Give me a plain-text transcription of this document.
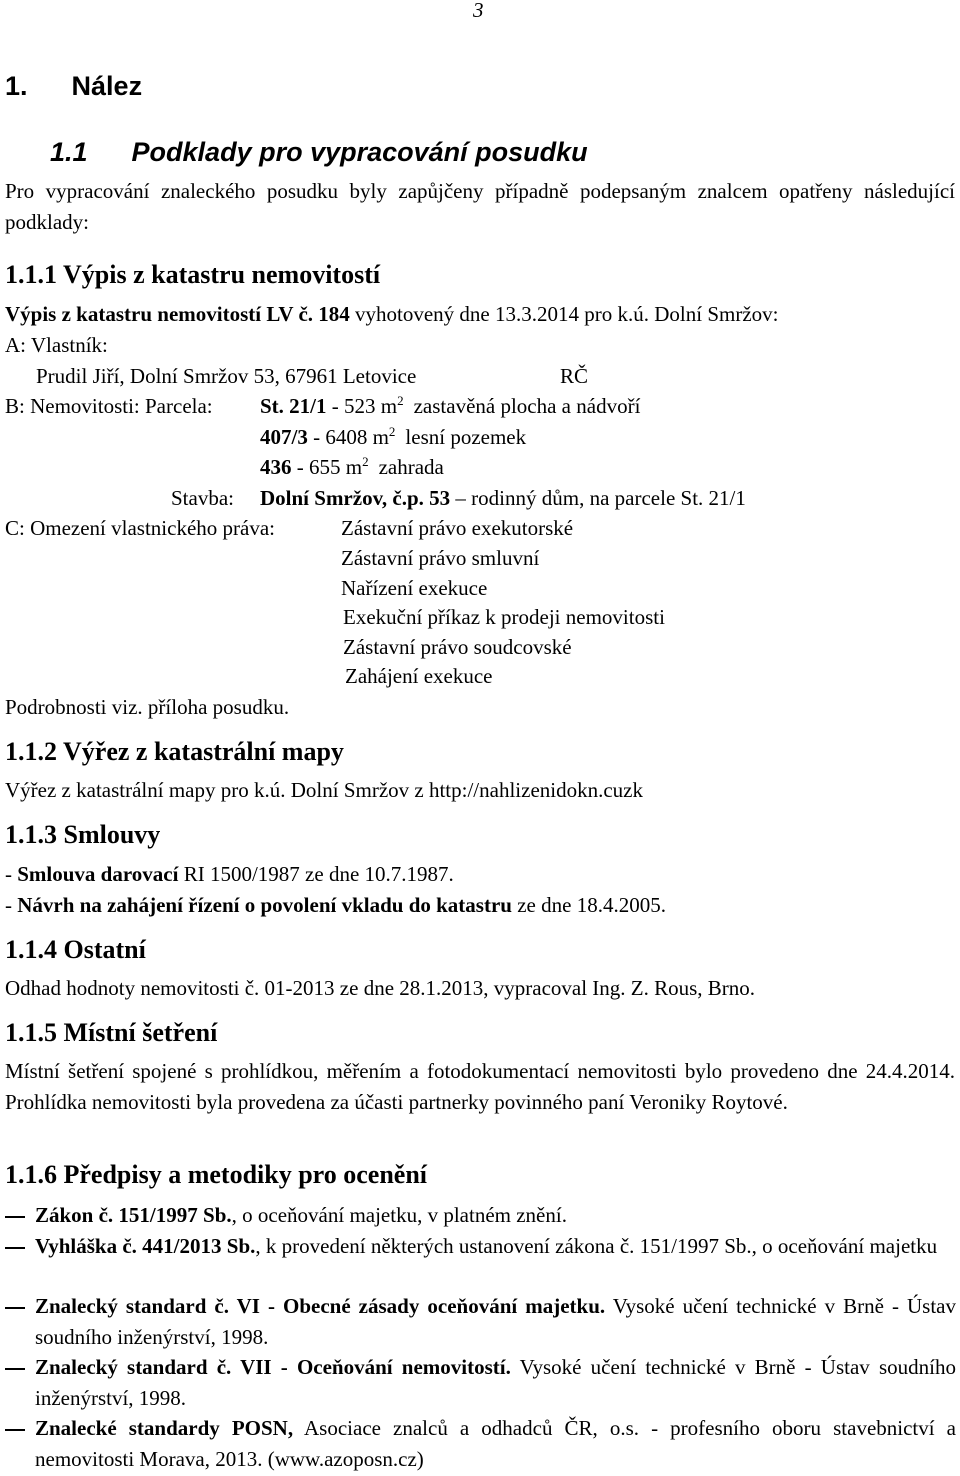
3
1. Nález
1.1 Podklady pro vypracování posudku
Pro vypracování znaleckého posudku byly zapůjčeny případně podepsaným znalcem opatřeny následující podklady:
1.1.1 Výpis z katastru nemovitostí
Výpis z katastru nemovitostí LV č. 184 vyhotovený dne 13.3.2014 pro k.ú. Dolní Smržov:
A: Vlastník:
Prudil Jiří, Dolní Smržov 53, 67961 Letovice	RČ
B: Nemovitosti: Parcela: St. 21/1 - 523 $m^2$ zastavěná plocha a nádvoří
407/3 - 6408 $m^2$ lesní pozemek
436 - 655 $m^2$ zahrada
Stavba: Dolní Smržov, č.p. 53 – rodinný dům, na parcele St. 21/1
C: Omezení vlastnického práva:	Zástavní právo exekutorské
Zástavní právo smluvní
Nařízení exekuce
Exekuční příkaz k prodeji nemovitosti
Zástavní právo soudcovské
Zahájení exekuce
Podrobnosti viz. příloha posudku.
1.1.2 Výřez z katastrální mapy
Výřez z katastrální mapy pro k.ú. Dolní Smržov z http://nahlizenidokn.cuzk
1.1.3 Smlouvy
- Smlouva darovací RI 1500/1987 ze dne 10.7.1987.
- Návrh na zahájení řízení o povolení vkladu do katastru ze dne 18.4.2005.
1.1.4 Ostatní
Odhad hodnoty nemovitosti č. 01-2013 ze dne 28.1.2013, vypracoval Ing. Z. Rous, Brno.
1.1.5 Místní šetření
Místní šetření spojené s prohlídkou, měřením a fotodokumentací nemovitosti bylo provedeno dne 24.4.2014. Prohlídka nemovitosti byla provedena za účasti partnerky povinného paní Veroniky Roytové.
1.1.6 Předpisy a metodiky pro ocenění
Zákon č. 151/1997 Sb., o oceňování majetku, v platném znění.
Vyhláška č. 441/2013 Sb., k provedení některých ustanovení zákona č. 151/1997 Sb., o oceňování majetku
Znalecký standard č. VI - Obecné zásady oceňování majetku. Vysoké učení technické v Brně - Ústav soudního inženýrství, 1998.
Znalecký standard č. VII - Oceňování nemovitostí. Vysoké učení technické v Brně - Ústav soudního inženýrství, 1998.
Znalecké standardy POSN, Asociace znalců a odhadců ČR, o.s. - profesního oboru stavebnictví a nemovitosti Morava, 2013. (www.azoposn.cz)
